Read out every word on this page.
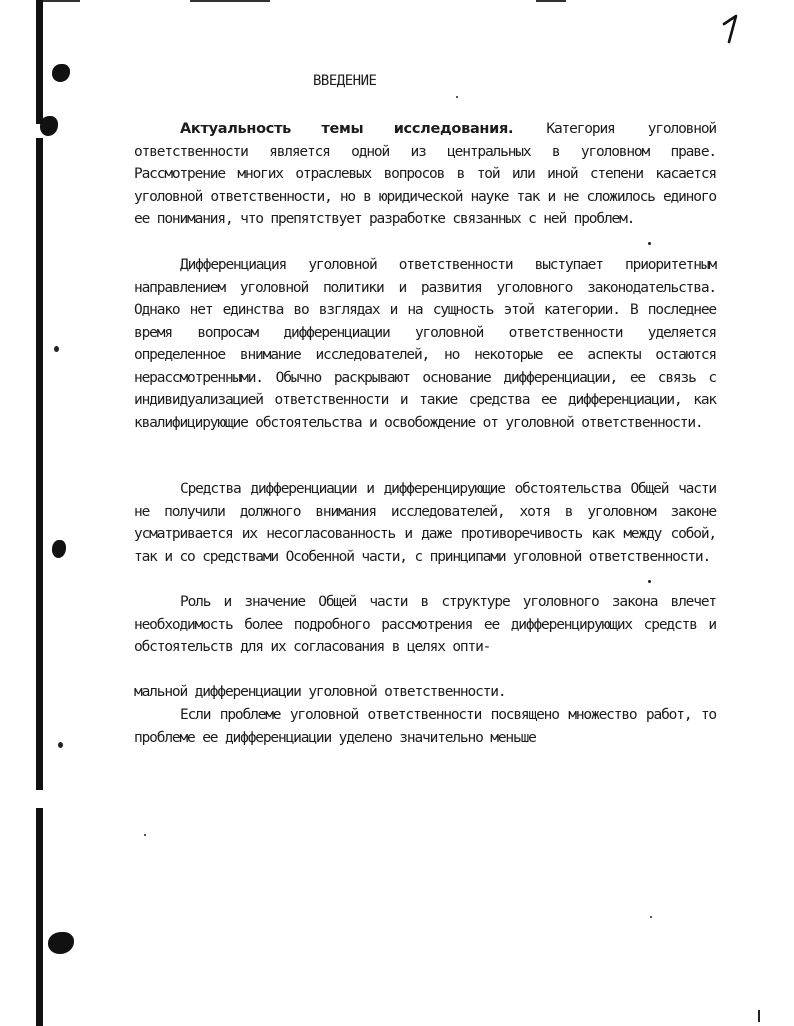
ВВЕДЕНИЕ

Актуальность темы исследования. Категория уголовной ответственности является одной из центральных в уголовном праве. Рассмотрение многих отраслевых вопросов в той или иной степени касается уголовной ответственности, но в юридической науке так и не сложилось единого ее понимания, что препятствует разработке связанных с ней проблем.

Дифференциация уголовной ответственности выступает приоритетным направлением уголовной политики и развития уголовного законодательства. Однако нет единства во взглядах и на сущность этой категории. В последнее время вопросам дифференциации уголовной ответственности уделяется определенное внимание исследователей, но некоторые ее аспекты остаются нерассмотренными. Обычно раскрывают основание дифференциации, ее связь с индивидуализацией ответственности и такие средства ее дифференциации, как квалифицирующие обстоятельства и освобождение от уголовной ответственности.

Средства дифференциации и дифференцирующие обстоятельства Общей части не получили должного внимания исследователей, хотя в уголовном законе усматривается их несогласованность и даже противоречивость как между собой, так и со средствами Особенной части, с принципами уголовной ответственности.

Роль и значение Общей части в структуре уголовного закона влечет необходимость более подробного рассмотрения ее дифференцирующих средств и обстоятельств для их согласования в целях опти-

мальной дифференциации уголовной ответственности.

Если проблеме уголовной ответственности посвящено множество работ, то проблеме ее дифференциации уделено значительно меньше
